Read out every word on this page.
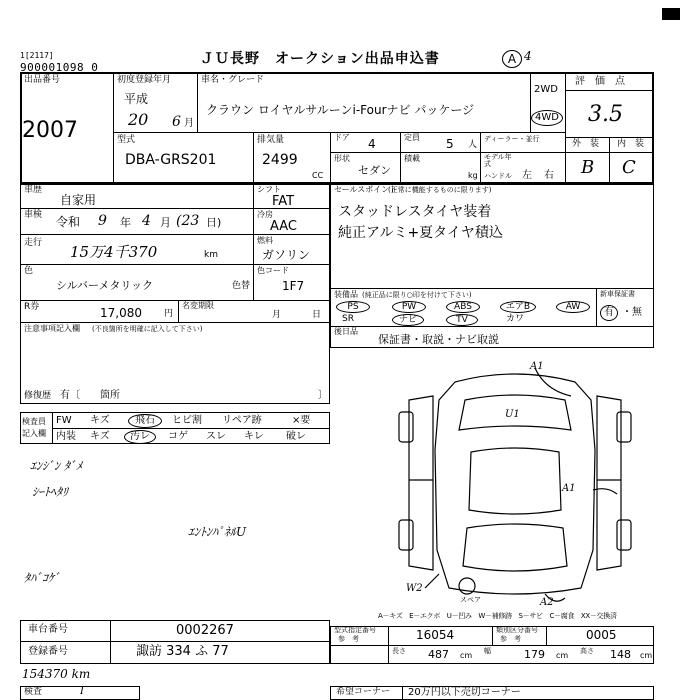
1[2117]
900001098 0
ＪＵ長野　オークション出品申込書	A 4
出品番号
2007
初度登録年月
平成
20 6 月
車名・グレード
クラウン ロイヤルサルーンi-Fourナビ パッケージ
2WD
4WD
評　価　点
3.5
外　装 内　装
B C
型式
DBA-GRS201
排気量
2499
CC
ドア 4	定員 5 人
形状
セダン
積載
kg
ディーラー・並行
モデル年式
ハンドル 左 右
車歴
自家用
車検 令和 9 年 4 月 (23 日)
走行 15万4千370	km
シフト
FAT
冷房
AAC
燃料
ガソリン
色
シルバーメタリック	色替
色コード
1F7
R券	17,080 円
名変期限
月	日
注意事項記入欄 (不良箇所を明確に記入して下さい)
修復歴 有〔　　箇所	〕
セールスポイント
(正常に機能するものに限ります)
スタッドレスタイヤ装着
純正アルミ+夏タイヤ積込
装備品 (純正品に限り○印を付けて下さい)
PS	PW	ABS	エアB	AW
SR	ナビ	TV	カワ
新車保証書
有 ・ 無
後日品
保証書・取説・ナビ取説
検査員
記入欄
FW キズ	飛石	ヒビ割 リペア跡	×要
内装 キズ	汚レ	コゲ スレ キレ 破レ
ｴﾝｼﾞﾝ ﾀﾞﾒ
ｼｰﾄﾍﾀﾘ
ｴﾝﾄﾝﾊﾟﾈﾙU
ﾀﾊﾞｺｹﾞ
A1
U1
A1
W2
A2
スペア
A－キズ　E－エクボ　U－凹み　W－補修跡　S－サビ　C－腐食　XX－交換済
車台番号	0002267
登録番号	諏訪 334 ふ 77
型式指定番号
参　考	16054	類別区分番号
参　考	0005
長さ 487 cm 幅	179 cm 高さ 148 cm
154370 km
検査	I	希望コーナー 20万円以下売切コーナー
